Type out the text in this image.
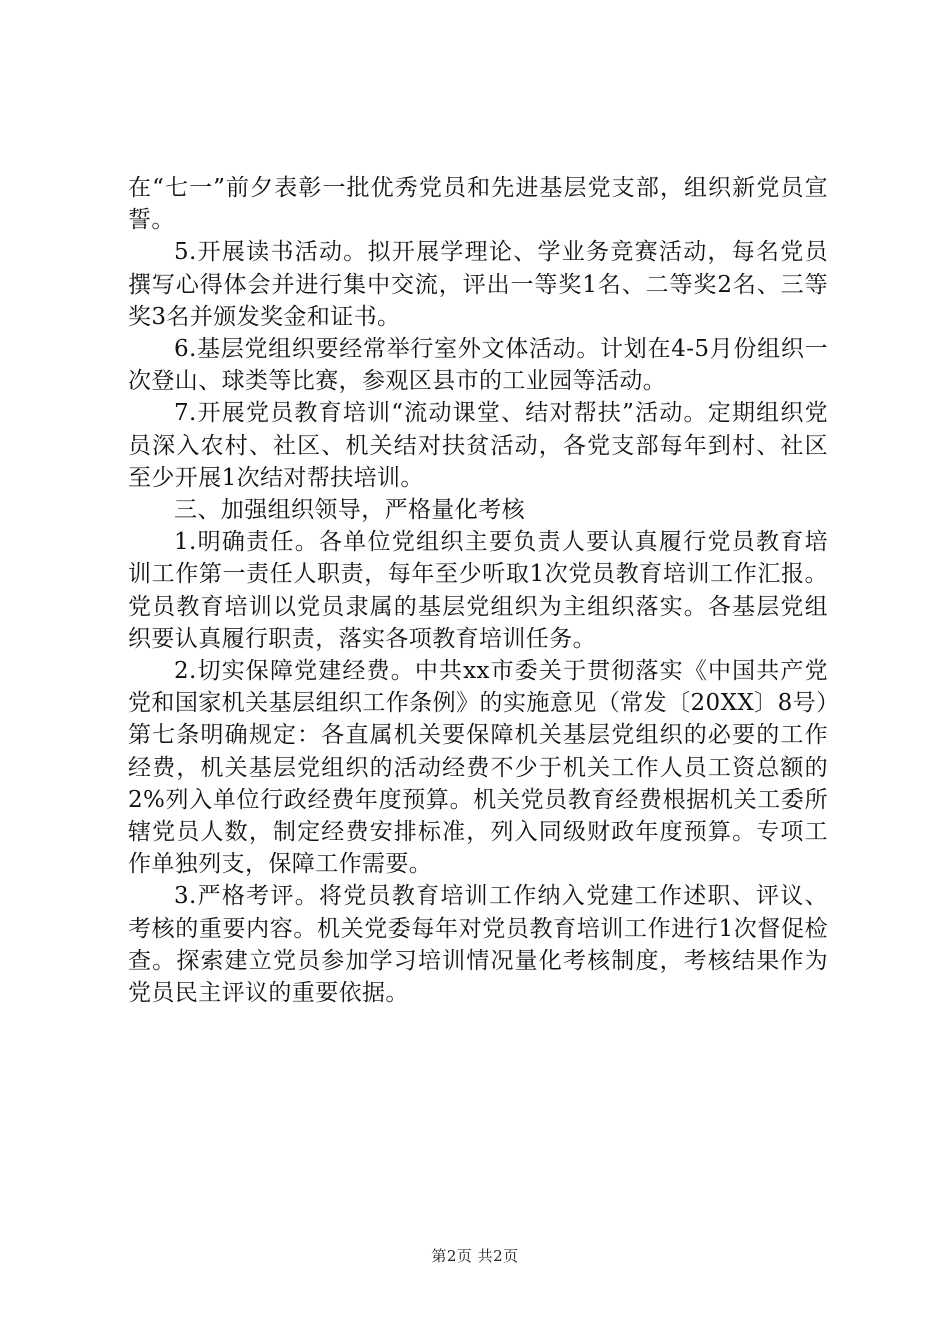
在“七一”前夕表彰一批优秀党员和先进基层党支部，组织新党员宣誓。

5.开展读书活动。拟开展学理论、学业务竞赛活动，每名党员撰写心得体会并进行集中交流，评出一等奖1名、二等奖2名、三等奖3名并颁发奖金和证书。

6.基层党组织要经常举行室外文体活动。计划在4-5月份组织一次登山、球类等比赛，参观区县市的工业园等活动。

7.开展党员教育培训“流动课堂、结对帮扶”活动。定期组织党员深入农村、社区、机关结对扶贫活动，各党支部每年到村、社区至少开展1次结对帮扶培训。

三、加强组织领导，严格量化考核

1.明确责任。各单位党组织主要负责人要认真履行党员教育培训工作第一责任人职责，每年至少听取1次党员教育培训工作汇报。党员教育培训以党员隶属的基层党组织为主组织落实。各基层党组织要认真履行职责，落实各项教育培训任务。

2.切实保障党建经费。中共xx市委关于贯彻落实《中国共产党党和国家机关基层组织工作条例》的实施意见（常发〔20XX〕8号）第七条明确规定：各直属机关要保障机关基层党组织的必要的工作经费，机关基层党组织的活动经费不少于机关工作人员工资总额的2%列入单位行政经费年度预算。机关党员教育经费根据机关工委所辖党员人数，制定经费安排标准，列入同级财政年度预算。专项工作单独列支，保障工作需要。

3.严格考评。将党员教育培训工作纳入党建工作述职、评议、考核的重要内容。机关党委每年对党员教育培训工作进行1次督促检查。探索建立党员参加学习培训情况量化考核制度，考核结果作为党员民主评议的重要依据。

第2页 共2页
